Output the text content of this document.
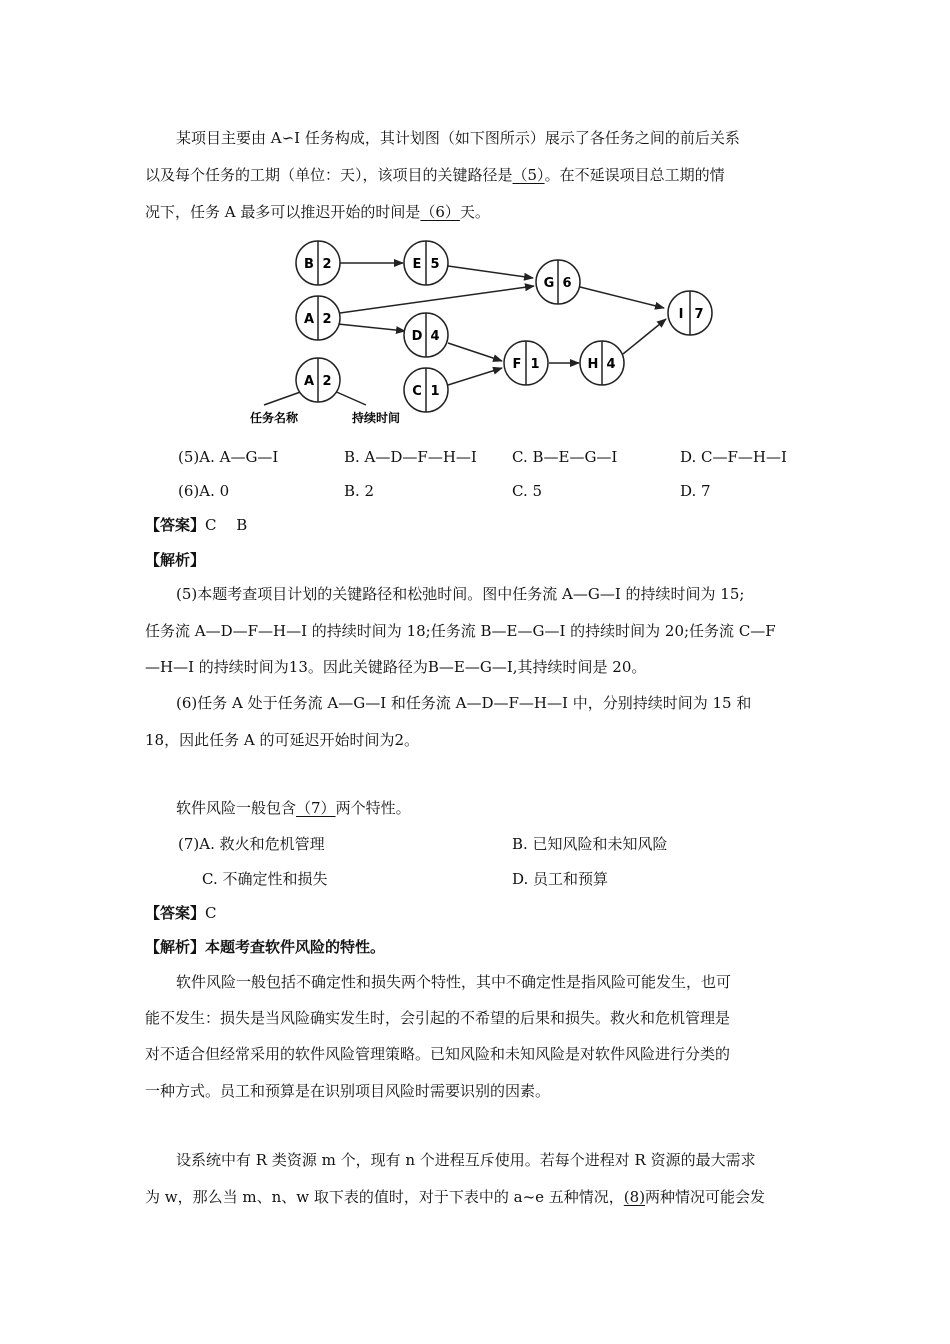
某项目主要由 A∽I 任务构成，其计划图（如下图所示）展示了各任务之间的前后关系
以及每个任务的工期（单位：天），该项目的关键路径是（5）。在不延误项目总工期的情
况下，任务 A 最多可以推迟开始的时间是（6）天。
B 2	E 5
G 6
A 2
D 4
I 7
F 1	H 4
C 1
A 2
任务名称	持续时间
(5)A. A—G—I	B. A—D—F—H—I C. B—E—G—I	D. C—F—H—I
(6)A. 0	B. 2	C. 5	D. 7
【答案】C　 B
【解析】
(5)本题考查项目计划的关键路径和松弛时间。图中任务流 A—G—I 的持续时间为 15;
任务流 A—D—F—H—I 的持续时间为 18;任务流 B—E—G—I 的持续时间为 20;任务流 C—F
—H—I 的持续时间为13。因此关键路径为B—E—G—I,其持续时间是 20。
(6)任务 A 处于任务流 A—G—I 和任务流 A—D—F—H—I 中，分别持续时间为 15 和
18，因此任务 A 的可延迟开始时间为2。
软件风险一般包含（7）两个特性。
(7)A. 救火和危机管理	B. 已知风险和未知风险
C. 不确定性和损失	D. 员工和预算
【答案】C
【解析】本题考查软件风险的特性。
软件风险一般包括不确定性和损失两个特性，其中不确定性是指风险可能发生，也可
能不发生：损失是当风险确实发生时，会引起的不希望的后果和损失。救火和危机管理是
对不适合但经常采用的软件风险管理策略。已知风险和未知风险是对软件风险进行分类的
一种方式。员工和预算是在识别项目风险时需要识别的因素。
设系统中有 R 类资源 m 个，现有 n 个进程互斥使用。若每个进程对 R 资源的最大需求
为 w，那么当 m、n、w 取下表的值时，对于下表中的 a~e 五种情况，(8)两种情况可能会发
